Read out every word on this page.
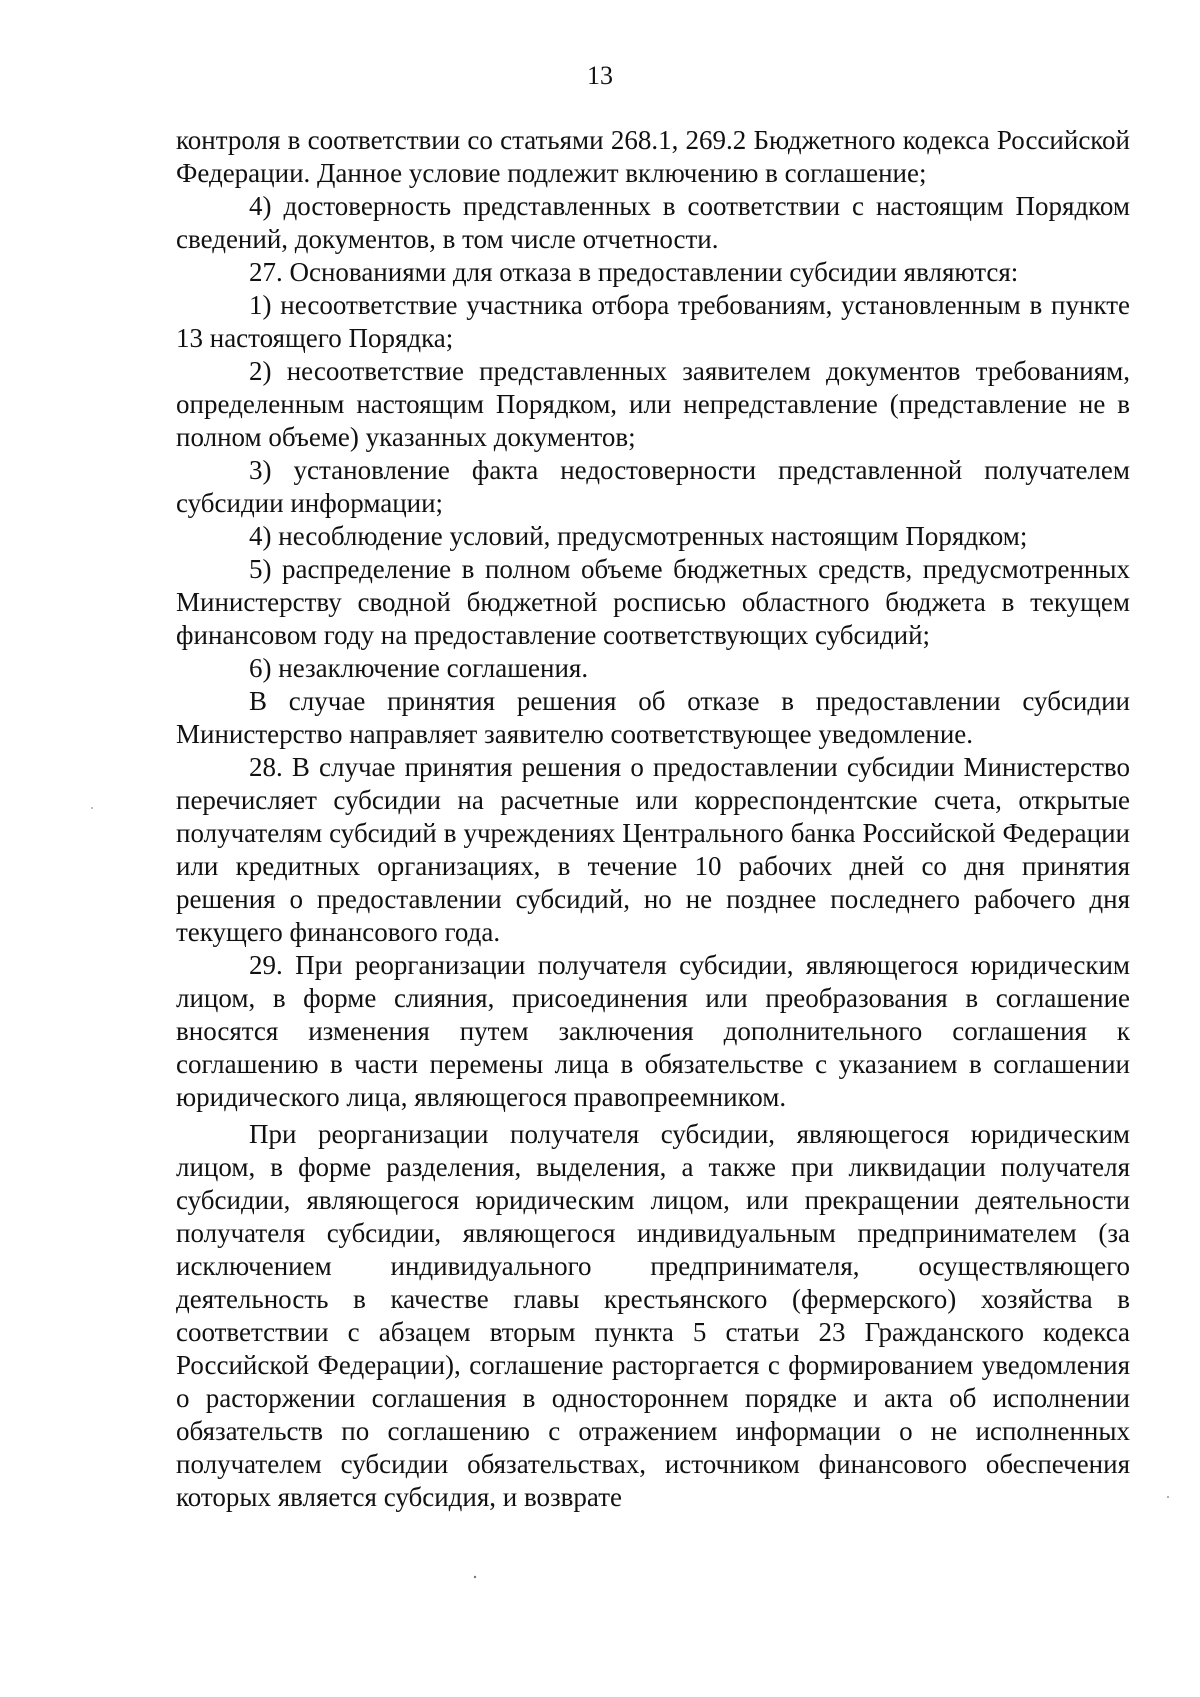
13

контроля в соответствии со статьями 268.1, 269.2 Бюджетного кодекса Российской Федерации. Данное условие подлежит включению в соглашение;

4) достоверность представленных в соответствии с настоящим Порядком сведений, документов, в том числе отчетности.

27. Основаниями для отказа в предоставлении субсидии являются:

1) несоответствие участника отбора требованиям, установленным в пункте 13 настоящего Порядка;

2) несоответствие представленных заявителем документов требованиям, определенным настоящим Порядком, или непредставление (представление не в полном объеме) указанных документов;

3) установление факта недостоверности представленной получателем субсидии информации;

4) несоблюдение условий, предусмотренных настоящим Порядком;

5) распределение в полном объеме бюджетных средств, предусмотренных Министерству сводной бюджетной росписью областного бюджета в текущем финансовом году на предоставление соответствующих субсидий;

6) незаключение соглашения.

В случае принятия решения об отказе в предоставлении субсидии Министерство направляет заявителю соответствующее уведомление.

28. В случае принятия решения о предоставлении субсидии Министерство перечисляет субсидии на расчетные или корреспондентские счета, открытые получателям субсидий в учреждениях Центрального банка Российской Федерации или кредитных организациях, в течение 10 рабочих дней со дня принятия решения о предоставлении субсидий, но не позднее последнего рабочего дня текущего финансового года.

29. При реорганизации получателя субсидии, являющегося юридическим лицом, в форме слияния, присоединения или преобразования в соглашение вносятся изменения путем заключения дополнительного соглашения к соглашению в части перемены лица в обязательстве с указанием в соглашении юридического лица, являющегося правопреемником.

При реорганизации получателя субсидии, являющегося юридическим лицом, в форме разделения, выделения, а также при ликвидации получателя субсидии, являющегося юридическим лицом, или прекращении деятельности получателя субсидии, являющегося индивидуальным предпринимателем (за исключением индивидуального предпринимателя, осуществляющего деятельность в качестве главы крестьянского (фермерского) хозяйства в соответствии с абзацем вторым пункта 5 статьи 23 Гражданского кодекса Российской Федерации), соглашение расторгается с формированием уведомления о расторжении соглашения в одностороннем порядке и акта об исполнении обязательств по соглашению с отражением информации о не исполненных получателем субсидии обязательствах, источником финансового обеспечения которых является субсидия, и возврате
